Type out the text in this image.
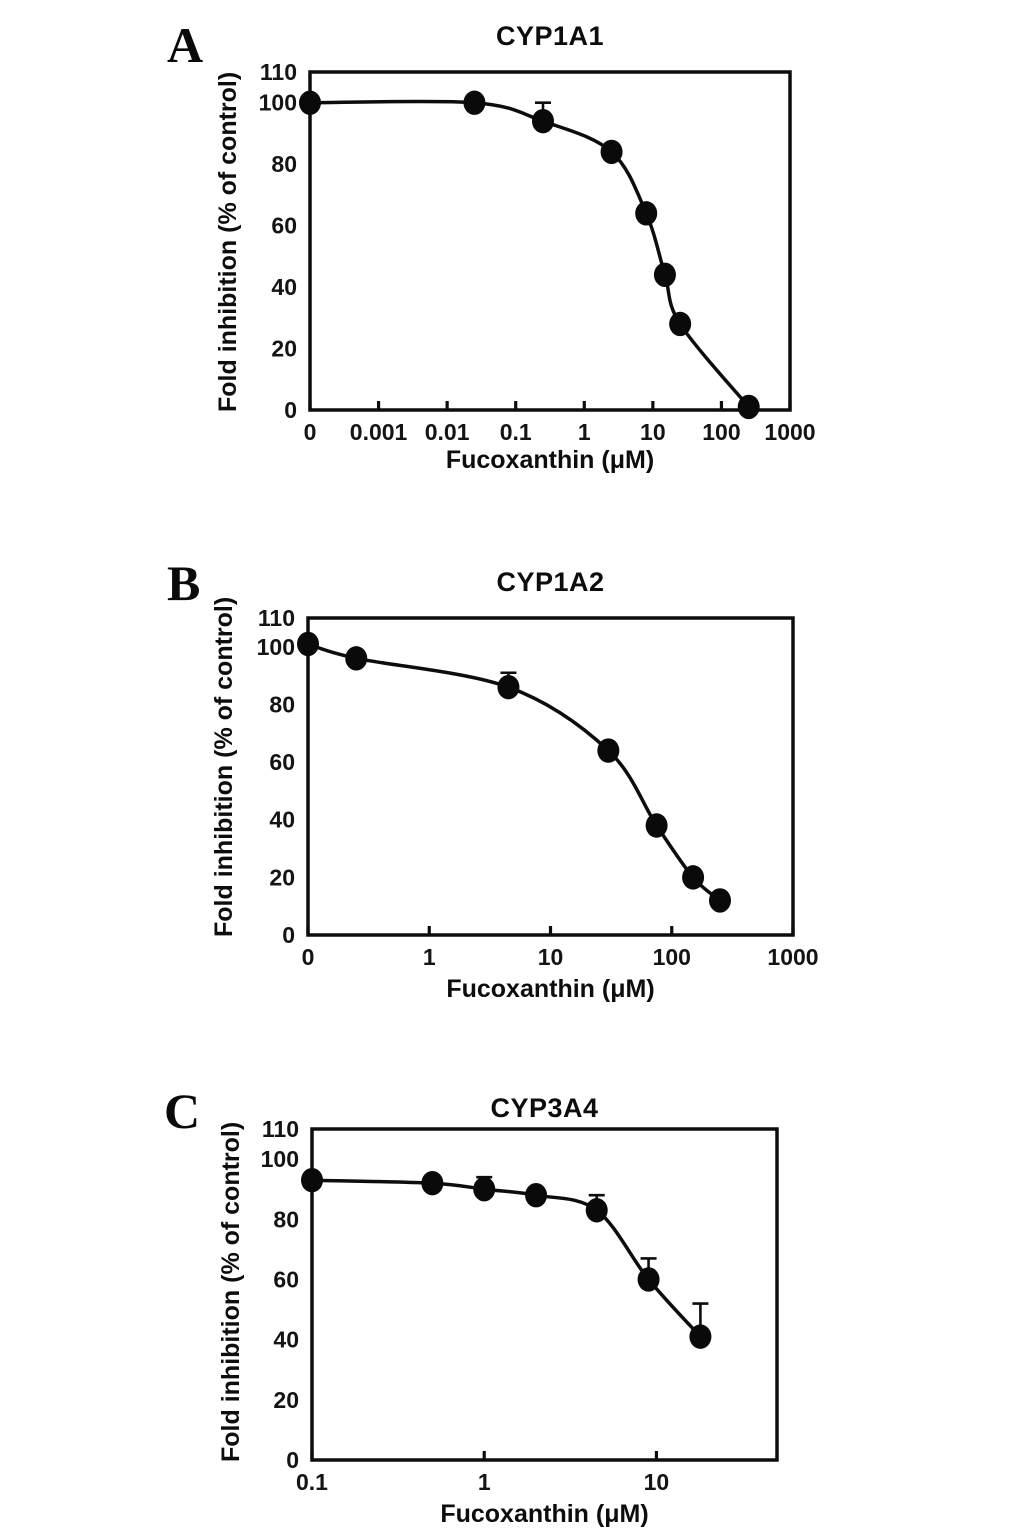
0 0.001 0.01 0.1 1 10 100 1000
0
20
40
60
80
100
110
0	1	10	100	1000
0
20
40
60
80
100
110
0.1	1	10
0
20
40
60
80
100
110
A	CYP1A1
Fold inhibition (% of control)
Fucoxanthin (μM)
B	CYP1A2
Fold inhibition (% of control)
Fucoxanthin (μM)
C	CYP3A4
Fold inhibition (% of control)
Fucoxanthin (μM)
